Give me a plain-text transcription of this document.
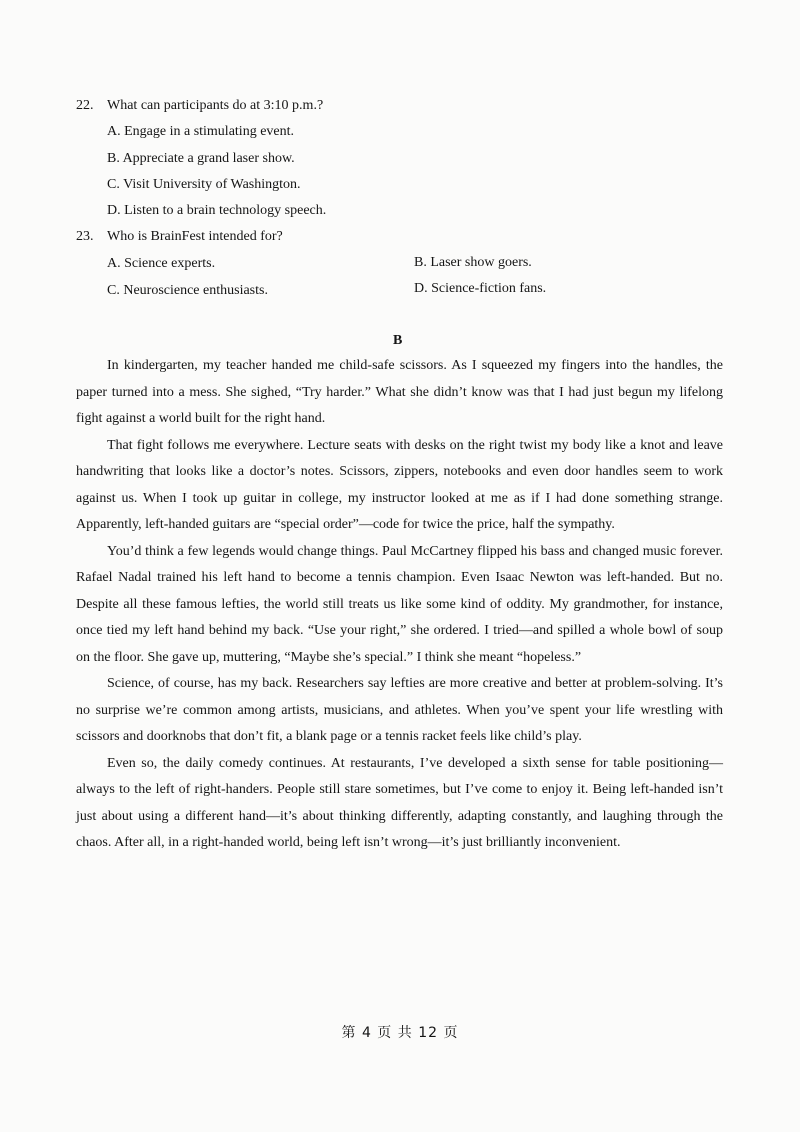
22. What can participants do at 3:10 p.m.?
A. Engage in a stimulating event.
B. Appreciate a grand laser show.
C. Visit University of Washington.
D. Listen to a brain technology speech.
23. Who is BrainFest intended for?
A. Science experts.	B. Laser show goers.
C. Neuroscience enthusiasts.	D. Science-fiction fans.
B

In kindergarten, my teacher handed me child-safe scissors. As I squeezed my fingers into the handles, the paper turned into a mess. She sighed, “Try harder.” What she didn’t know was that I had just begun my lifelong fight against a world built for the right hand.

That fight follows me everywhere. Lecture seats with desks on the right twist my body like a knot and leave handwriting that looks like a doctor’s notes. Scissors, zippers, notebooks and even door handles seem to work against us. When I took up guitar in college, my instructor looked at me as if I had done something strange. Apparently, left-handed guitars are “special order”—code for twice the price, half the sympathy.

You’d think a few legends would change things. Paul McCartney flipped his bass and changed music forever. Rafael Nadal trained his left hand to become a tennis champion. Even Isaac Newton was left-handed. But no. Despite all these famous lefties, the world still treats us like some kind of oddity. My grandmother, for instance, once tied my left hand behind my back. “Use your right,” she ordered. I tried—and spilled a whole bowl of soup on the floor. She gave up, muttering, “Maybe she’s special.” I think she meant “hopeless.”

Science, of course, has my back. Researchers say lefties are more creative and better at problem-solving. It’s no surprise we’re common among artists, musicians, and athletes. When you’ve spent your life wrestling with scissors and doorknobs that don’t fit, a blank page or a tennis racket feels like child’s play.

Even so, the daily comedy continues. At restaurants, I’ve developed a sixth sense for table positioning—always to the left of right-handers. People still stare sometimes, but I’ve come to enjoy it. Being left-handed isn’t just about using a different hand—it’s about thinking differently, adapting constantly, and laughing through the chaos. After all, in a right-handed world, being left isn’t wrong—it’s just brilliantly inconvenient.

第 4 页 共 12 页
